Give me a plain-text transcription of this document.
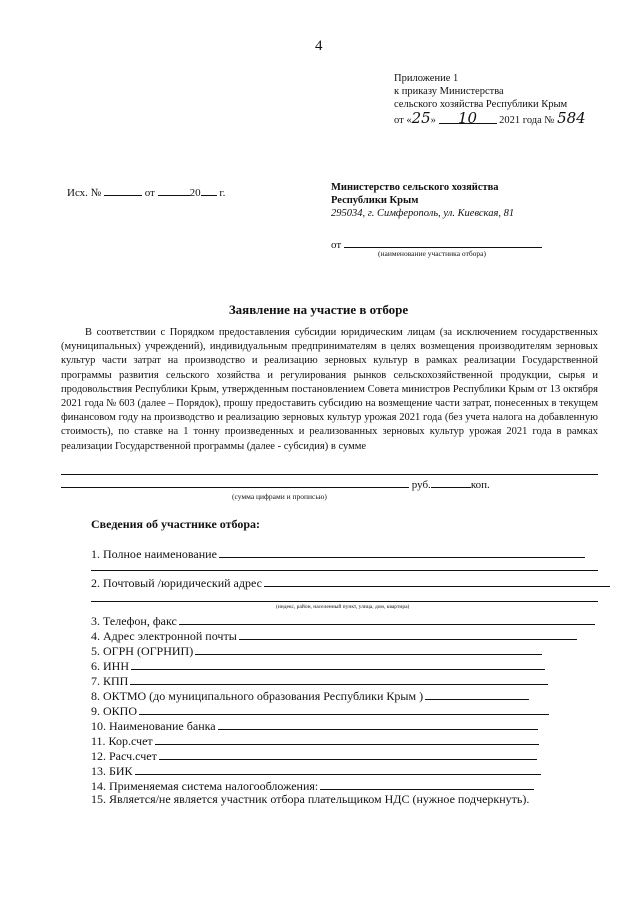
4
Приложение 1
к приказу Министерства
сельского хозяйства Республики Крым
от «25» 10 2021 года № 584
Исх. №	от	20 г.	Министерство сельского хозяйства
Республики Крым
295034, г. Симферополь, ул. Киевская, 81
от
(наименование участника отбора)
Заявление на участие в отборе
В соответствии с Порядком предоставления субсидии юридическим лицам (за исключением государственных (муниципальных) учреждений), индивидуальным предпринимателям в целях возмещения производителям зерновых культур части затрат на производство и реализацию зерновых культур в рамках реализации Государственной программы развития сельского хозяйства и регулирования рынков сельскохозяйственной продукции, сырья и продовольствия Республики Крым, утвержденным постановлением Совета министров Республики Крым от 13 октября 2021 года № 603 (далее – Порядок), прошу предоставить субсидию на возмещение части затрат, понесенных в текущем финансовом году на производство и реализацию зерновых культур урожая 2021 года (без учета налога на добавленную стоимость), по ставке на 1 тонну произведенных и реализованных зерновых культур урожая 2021 года в рамках реализации Государственной программы (далее - субсидия) в сумме
руб.	коп.
(сумма цифрами и прописью)
Сведения об участнике отбора:
1. Полное наименование
2. Почтовый /юридический адрес
(индекс, район, населенный пункт, улица, дом, квартира)
3. Телефон, факс
4. Адрес электронной почты
5. ОГРН (ОГРНИП)
6. ИНН
7. КПП
8. ОКТМО (до муниципального образования Республики Крым )
9. ОКПО
10. Наименование банка
11. Кор.счет
12. Расч.счет
13. БИК
14. Применяемая система налогообложения:
15. Является/не является участник отбора плательщиком НДС (нужное подчеркнуть).
